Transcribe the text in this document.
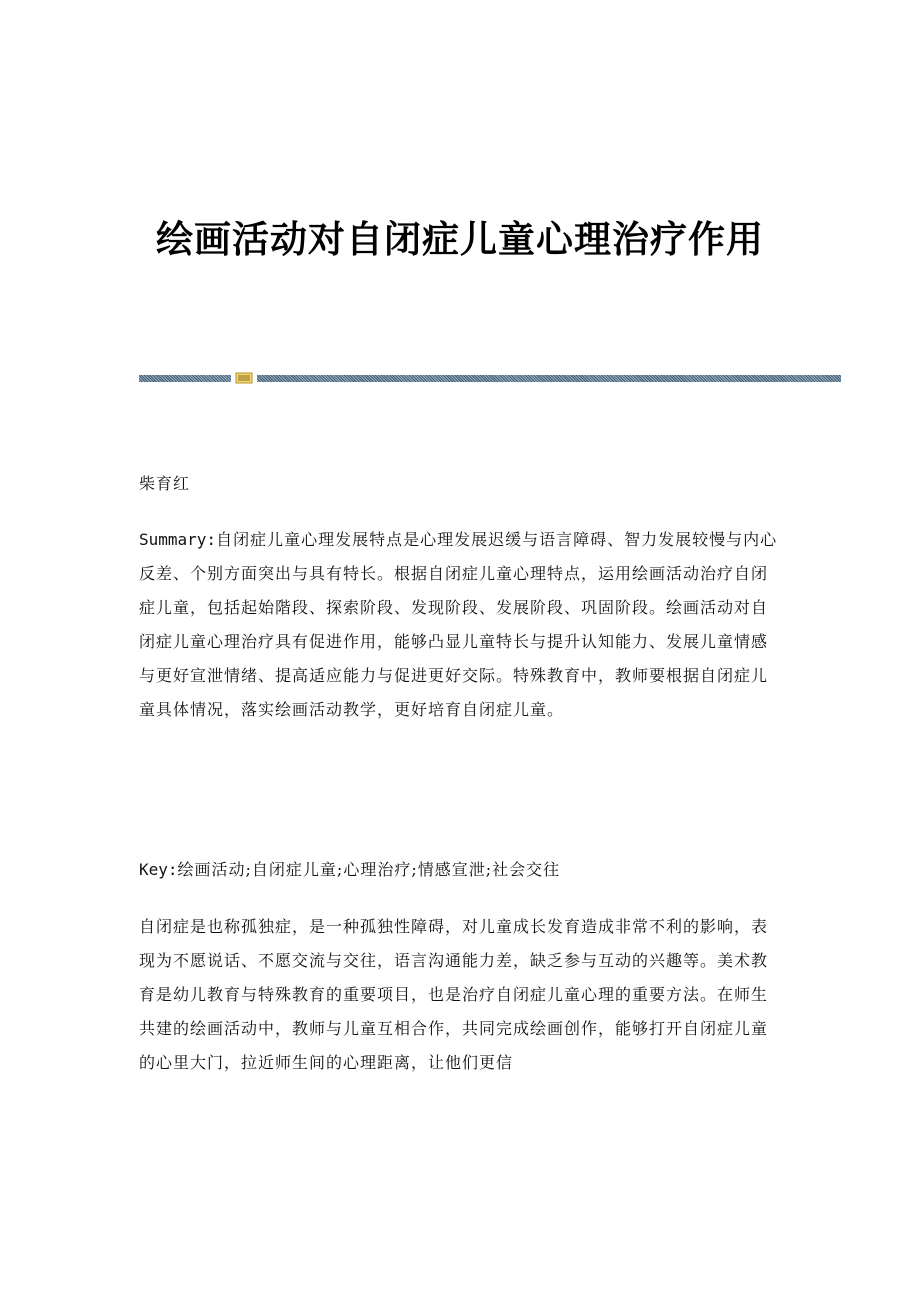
绘画活动对自闭症儿童心理治疗作用

柴育红

Summary:自闭症儿童心理发展特点是心理发展迟缓与语言障碍、智力发展较慢与内心反差、个别方面突出与具有特长。根据自闭症儿童心理特点，运用绘画活动治疗自闭症儿童，包括起始階段、探索阶段、发现阶段、发展阶段、巩固阶段。绘画活动对自闭症儿童心理治疗具有促进作用，能够凸显儿童特长与提升认知能力、发展儿童情感与更好宣泄情绪、提高适应能力与促进更好交际。特殊教育中，教师要根据自闭症儿童具体情况，落实绘画活动教学，更好培育自闭症儿童。

Key:绘画活动;自闭症儿童;心理治疗;情感宣泄;社会交往

自闭症是也称孤独症，是一种孤独性障碍，对儿童成长发育造成非常不利的影响，表现为不愿说话、不愿交流与交往，语言沟通能力差，缺乏参与互动的兴趣等。美术教育是幼儿教育与特殊教育的重要项目，也是治疗自闭症儿童心理的重要方法。在师生共建的绘画活动中，教师与儿童互相合作，共同完成绘画创作，能够打开自闭症儿童的心里大门，拉近师生间的心理距离，让他们更信
